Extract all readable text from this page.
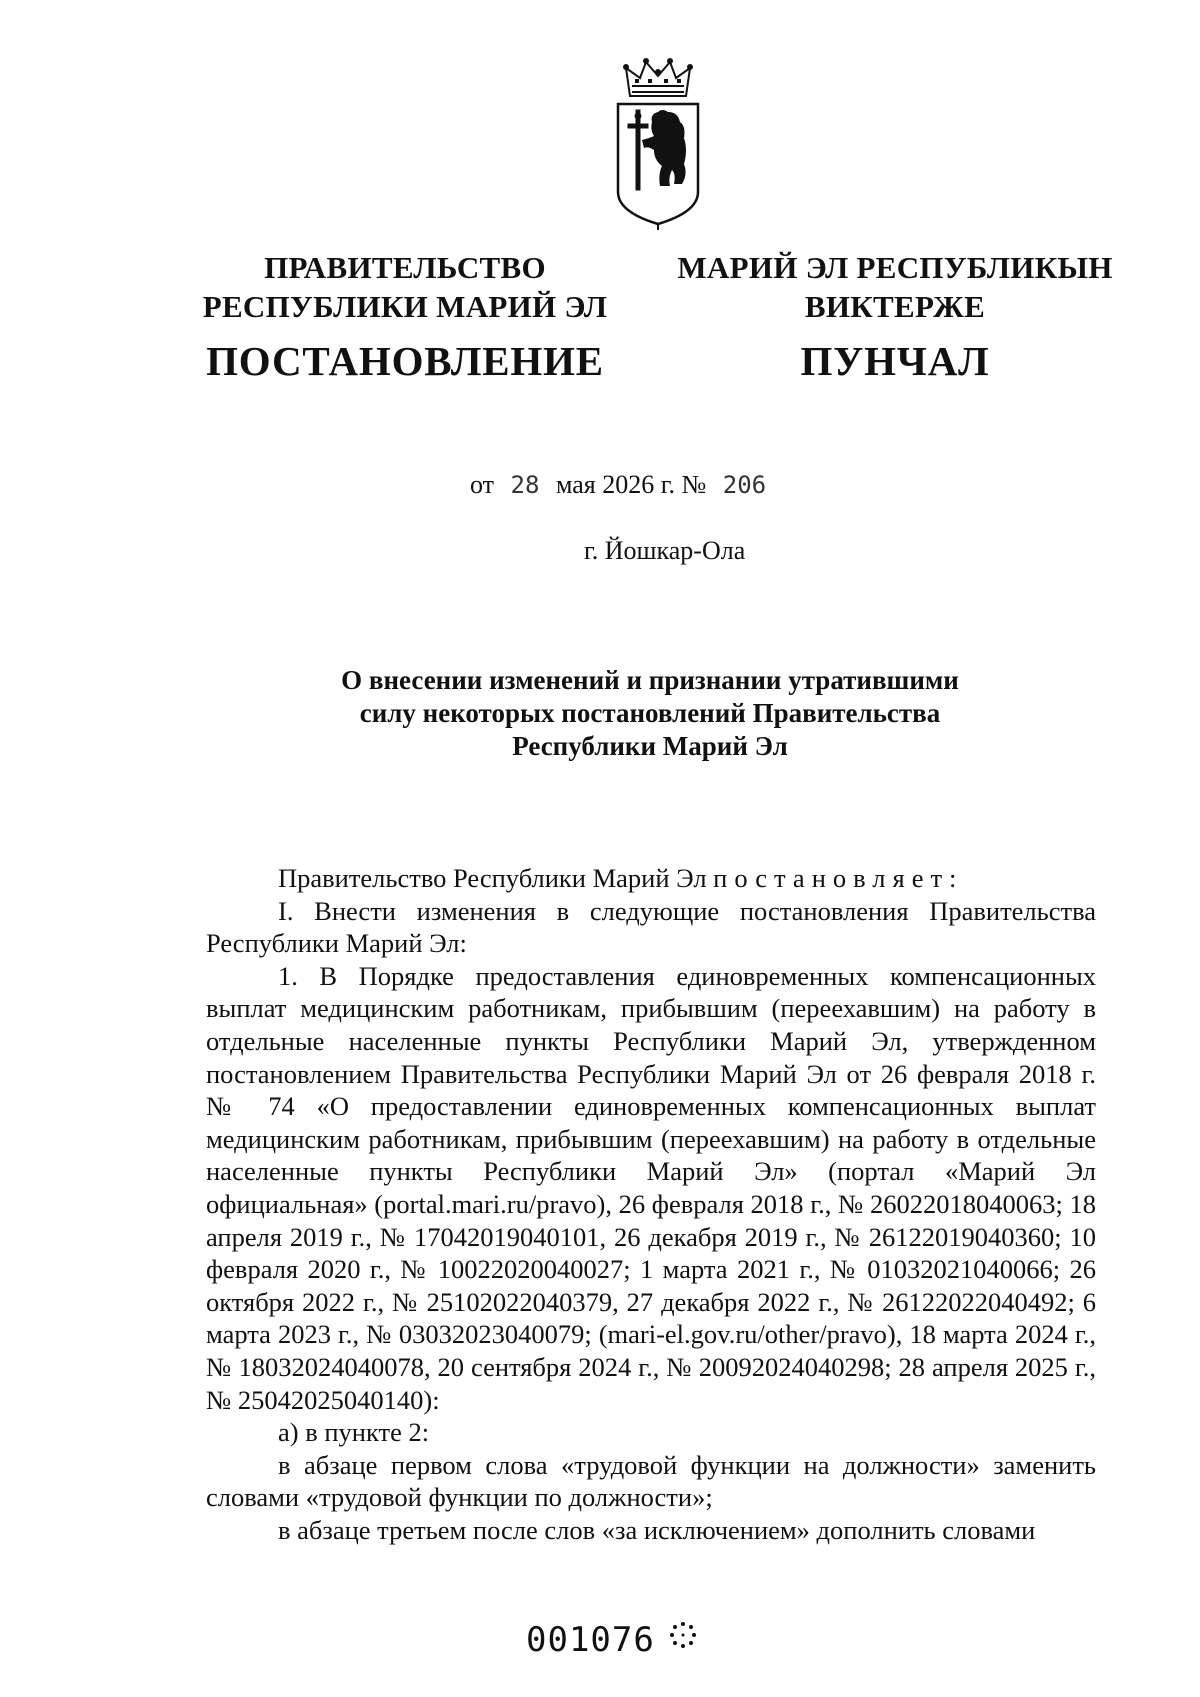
ПРАВИТЕЛЬСТВО
РЕСПУБЛИКИ МАРИЙ ЭЛ
ПОСТАНОВЛЕНИЕ
МАРИЙ ЭЛ РЕСПУБЛИКЫН
ВИКТЕРЖЕ
ПУНЧАЛ
от 28 мая 2026 г. № 206
г. Йошкар-Ола
О внесении изменений и признании утратившими
силу некоторых постановлений Правительства
Республики Марий Эл

Правительство Республики Марий Эл постановляет:

I. Внести изменения в следующие постановления Правительства Республики Марий Эл:

1. В Порядке предоставления единовременных компенсационных выплат медицинским работникам, прибывшим (переехавшим) на работу в отдельные населенные пункты Республики Марий Эл, утвержденном постановлением Правительства Республики Марий Эл от 26 февраля 2018 г. № 74 «О предоставлении единовременных компенсационных выплат медицинским работникам, прибывшим (переехавшим) на работу в отдельные населенные пункты Республики Марий Эл» (портал «Марий Эл официальная» (portal.mari.ru/pravo), 26 февраля 2018 г., № 26022018040063; 18 апреля 2019 г., № 17042019040101, 26 декабря 2019 г., № 26122019040360; 10 февраля 2020 г., № 10022020040027; 1 марта 2021 г., № 01032021040066; 26 октября 2022 г., № 25102022040379, 27 декабря 2022 г., № 26122022040492; 6 марта 2023 г., № 03032023040079; (mari-el.gov.ru/other/pravo), 18 марта 2024 г., № 18032024040078, 20 сентября 2024 г., № 20092024040298; 28 апреля 2025 г., № 25042025040140):

а) в пункте 2:

в абзаце первом слова «трудовой функции на должности» заменить словами «трудовой функции по должности»;

в абзаце третьем после слов «за исключением» дополнить словами

001076
